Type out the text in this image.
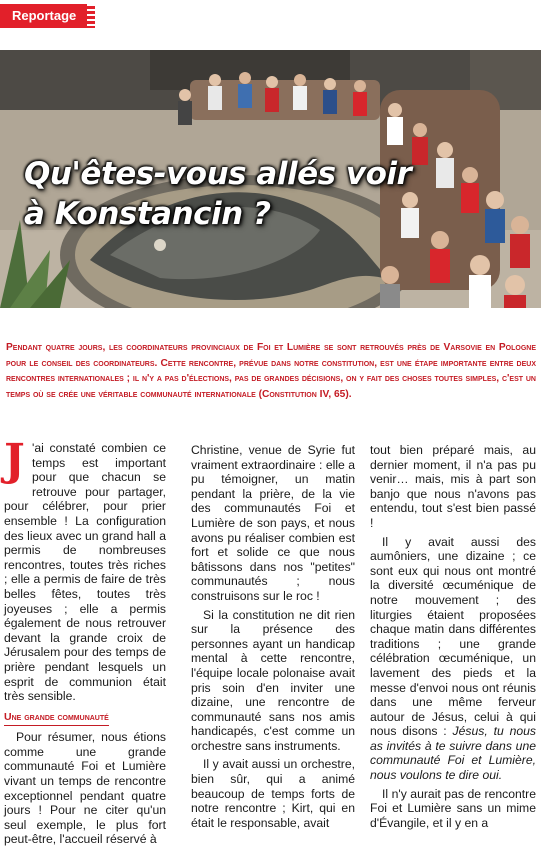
Reportage
Qu'êtes-vous allés voir
à Konstancin ?

Pendant quatre jours, les coordinateurs provinciaux de Foi et Lumière se sont retrouvés près de Varsovie en Pologne pour le conseil des coordinateurs. Cette rencontre, prévue dans notre constitution, est une étape importante entre deux rencontres internationales ; il n'y a pas d'élections, pas de grandes décisions, on y fait des choses toutes simples, c'est un temps où se crée une véritable communauté internationale (Constitution IV, 65).

J 'ai constaté combien ce temps est important pour que chacun se retrouve pour partager, pour célébrer, pour prier ensemble ! La configuration des lieux avec un grand hall a permis de nombreuses rencontres, toutes très riches ; elle a permis de faire de très belles fêtes, toutes très joyeuses ; elle a permis également de nous retrouver devant la grande croix de Jérusalem pour des temps de prière pendant lesquels un esprit de communion était très sensible.

Une grande communauté

Pour résumer, nous étions comme une grande communauté Foi et Lumière vivant un temps de rencontre exceptionnel pendant quatre jours ! Pour ne citer qu'un seul exemple, le plus fort peut-être, l'accueil réservé à

Christine, venue de Syrie fut vraiment extraordinaire : elle a pu témoigner, un matin pendant la prière, de la vie des communautés Foi et Lumière de son pays, et nous avons pu réaliser combien est fort et solide ce que nous bâtissons dans nos "petites" communautés ; nous construisons sur le roc !

Si la constitution ne dit rien sur la présence des personnes ayant un handicap mental à cette rencontre, l'équipe locale polonaise avait pris soin d'en inviter une dizaine, une rencontre de communauté sans nos amis handicapés, c'est comme un orchestre sans instruments.

Il y avait aussi un orchestre, bien sûr, qui a animé beaucoup de temps forts de notre rencontre ; Kirt, qui en était le responsable, avait

tout bien préparé mais, au dernier moment, il n'a pas pu venir… mais, mis à part son banjo que nous n'avons pas entendu, tout s'est bien passé !

Il y avait aussi des aumôniers, une dizaine ; ce sont eux qui nous ont montré la diversité œcuménique de notre mouvement ; des liturgies étaient proposées chaque matin dans différentes traditions ; une grande célébration œcuménique, un lavement des pieds et la messe d'envoi nous ont réunis dans une même ferveur autour de Jésus, celui à qui nous disons : Jésus, tu nous as invités à te suivre dans une communauté Foi et Lumière, nous voulons te dire oui.

Il n'y aurait pas de rencontre Foi et Lumière sans un mime d'Évangile, et il y en a
